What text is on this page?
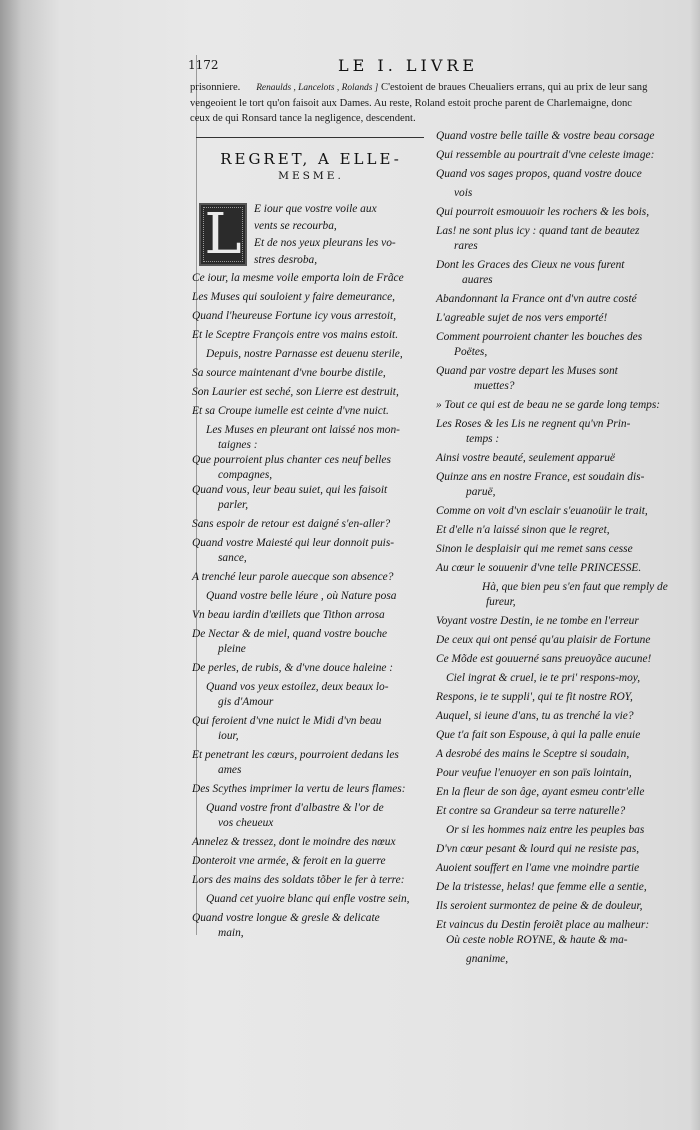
1172	LE I. LIVRE
prisonniere. Renaulds , Lancelots , Rolands ] C'estoient de braues Cheualiers errans, qui au prix de leur sang
vengeoient le tort qu'on faisoit aux Dames. Au reste, Roland estoit proche parent de Charlemaigne, donc
ceux de qui Ronsard tance la negligence, descendent.
REGRET, A ELLE-
MESME.
L	E iour que vostre voile aux
vents se recourba,
Et de nos yeux pleurans les vo-
stres desroba,
Ce iour, la mesme voile emporta loin de Frãce
Les Muses qui souloient y faire demeurance,
Quand l'heureuse Fortune icy vous arrestoit,
Et le Sceptre François entre vos mains estoit.
Depuis, nostre Parnasse est deuenu sterile,
Sa source maintenant d'vne bourbe distile,
Son Laurier est seché, son Lierre est destruit,
Et sa Croupe iumelle est ceinte d'vne nuict.
Les Muses en pleurant ont laissé nos mon-
taignes :
Que pourroient plus chanter ces neuf belles
compagnes,
Quand vous, leur beau suiet, qui les faisoit
parler,
Sans espoir de retour est daigné s'en-aller?
Quand vostre Maiesté qui leur donnoit puis-
sance,
A trenché leur parole auecque son absence?
Quand vostre belle léure , où Nature posa
Vn beau iardin d'œillets que Tithon arrosa
De Nectar & de miel, quand vostre bouche
pleine
De perles, de rubis, & d'vne douce haleine :
Quand vos yeux estoilez, deux beaux lo-
gis d'Amour
Qui feroient d'vne nuict le Midi d'vn beau
iour,
Et penetrant les cœurs, pourroient dedans les
ames
Des Scythes imprimer la vertu de leurs flames:
Quand vostre front d'albastre & l'or de
vos cheueux
Annelez & tressez, dont le moindre des nœux
Donteroit vne armée, & feroit en la guerre
Lors des mains des soldats tõber le fer à terre:
Quand cet yuoire blanc qui enfle vostre sein,
Quand vostre longue & gresle & delicate
main,
Quand vostre belle taille & vostre beau corsage
Qui ressemble au pourtrait d'vne celeste image:
Quand vos sages propos, quand vostre douce
vois
Qui pourroit esmouuoir les rochers & les bois,
Las! ne sont plus icy : quand tant de beautez
rares
Dont les Graces des Cieux ne vous furent
auares
Abandonnant la France ont d'vn autre costé
L'agreable sujet de nos vers emporté!
Comment pourroient chanter les bouches des
Poëtes,
Quand par vostre depart les Muses sont
muettes?
» Tout ce qui est de beau ne se garde long temps:
Les Roses & les Lis ne regnent qu'vn Prin-
temps :
Ainsi vostre beauté, seulement apparuë
Quinze ans en nostre France, est soudain dis-
paruë,
Comme on voit d'vn esclair s'euanoüir le trait,
Et d'elle n'a laissé sinon que le regret,
Sinon le desplaisir qui me remet sans cesse
Au cœur le souuenir d'vne telle PRINCESSE.
Hà, que bien peu s'en faut que remply de
fureur,
Voyant vostre Destin, ie ne tombe en l'erreur
De ceux qui ont pensé qu'au plaisir de Fortune
Ce Mõde est gouuerné sans preuoyãce aucune!
Ciel ingrat & cruel, ie te pri' respons-moy,
Respons, ie te suppli', qui te fit nostre ROY,
Auquel, si ieune d'ans, tu as trenché la vie?
Que t'a fait son Espouse, à qui la palle enuie
A desrobé des mains le Sceptre si soudain,
Pour veufue l'enuoyer en son païs lointain,
En la fleur de son âge, ayant esmeu contr'elle
Et contre sa Grandeur sa terre naturelle?
Or si les hommes naiz entre les peuples bas
D'vn cœur pesant & lourd qui ne resiste pas,
Auoient souffert en l'ame vne moindre partie
De la tristesse, helas! que femme elle a sentie,
Ils seroient surmontez de peine & de douleur,
Et vaincus du Destin feroiẽt place au malheur:
Où ceste noble ROYNE, & haute & ma-
gnanime,
